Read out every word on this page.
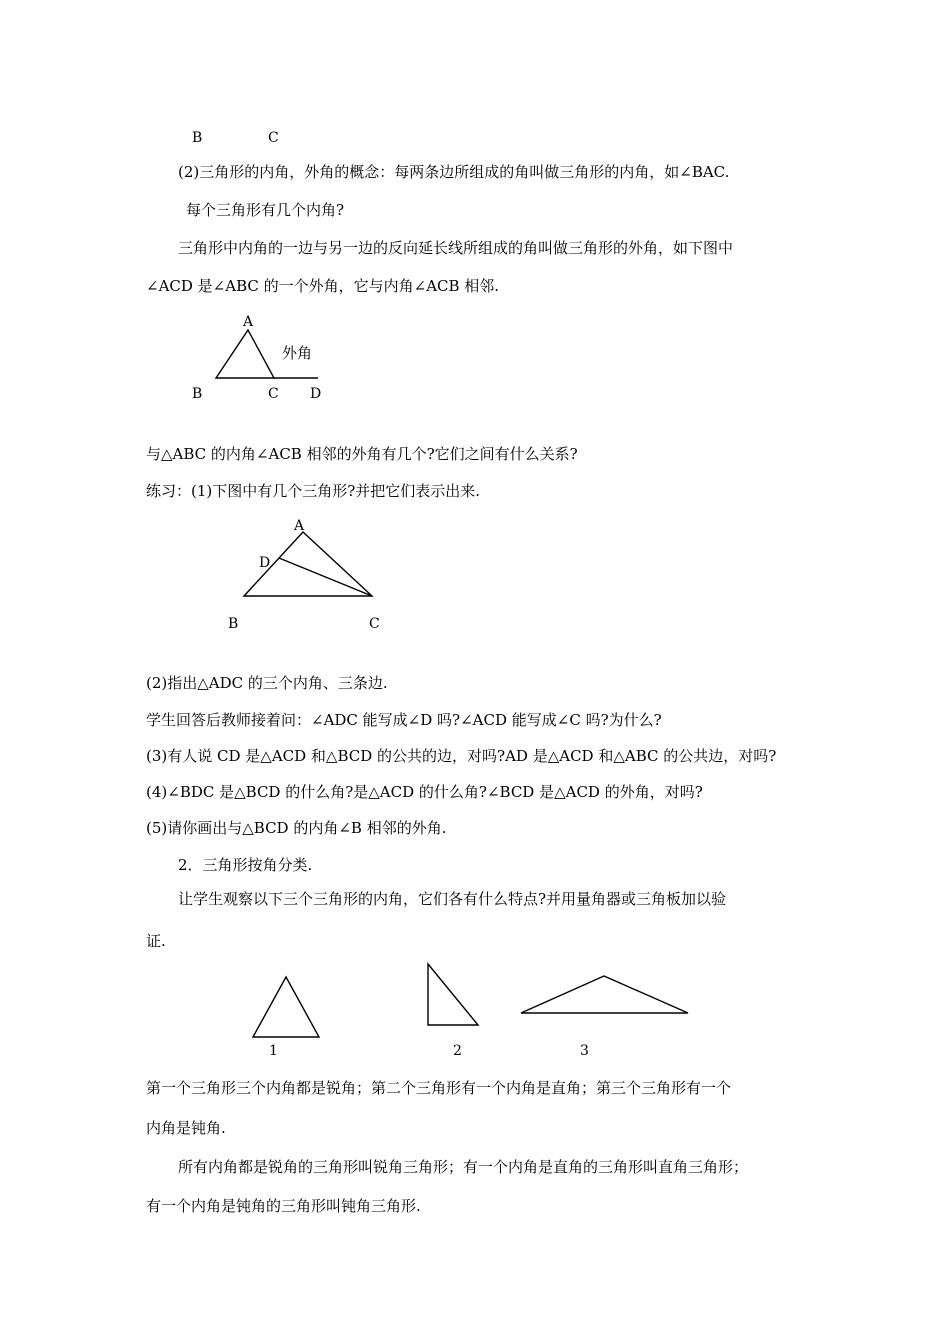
B	C
(2)三角形的内角，外角的概念：每两条边所组成的角叫做三角形的内角，如∠BAC.
每个三角形有几个内角?
三角形中内角的一边与另一边的反向延长线所组成的角叫做三角形的外角，如下图中
∠ACD 是∠ABC 的一个外角，它与内角∠ACB 相邻.
A
外角
B	C D
与△ABC 的内角∠ACB 相邻的外角有几个?它们之间有什么关系?
练习：(1)下图中有几个三角形?并把它们表示出来.
A
D
B	C
(2)指出△ADC 的三个内角、三条边.
学生回答后教师接着问：∠ADC 能写成∠D 吗?∠ACD 能写成∠C 吗?为什么?
(3)有人说 CD 是△ACD 和△BCD 的公共的边，对吗?AD 是△ACD 和△ABC 的公共边，对吗?
(4)∠BDC 是△BCD 的什么角?是△ACD 的什么角?∠BCD 是△ACD 的外角，对吗?
(5)请你画出与△BCD 的内角∠B 相邻的外角.
2．三角形按角分类.
让学生观察以下三个三角形的内角，它们各有什么特点?并用量角器或三角板加以验
证.
1	2	3
第一个三角形三个内角都是锐角；第二个三角形有一个内角是直角；第三个三角形有一个
内角是钝角.
所有内角都是锐角的三角形叫锐角三角形；有一个内角是直角的三角形叫直角三角形；
有一个内角是钝角的三角形叫钝角三角形.
